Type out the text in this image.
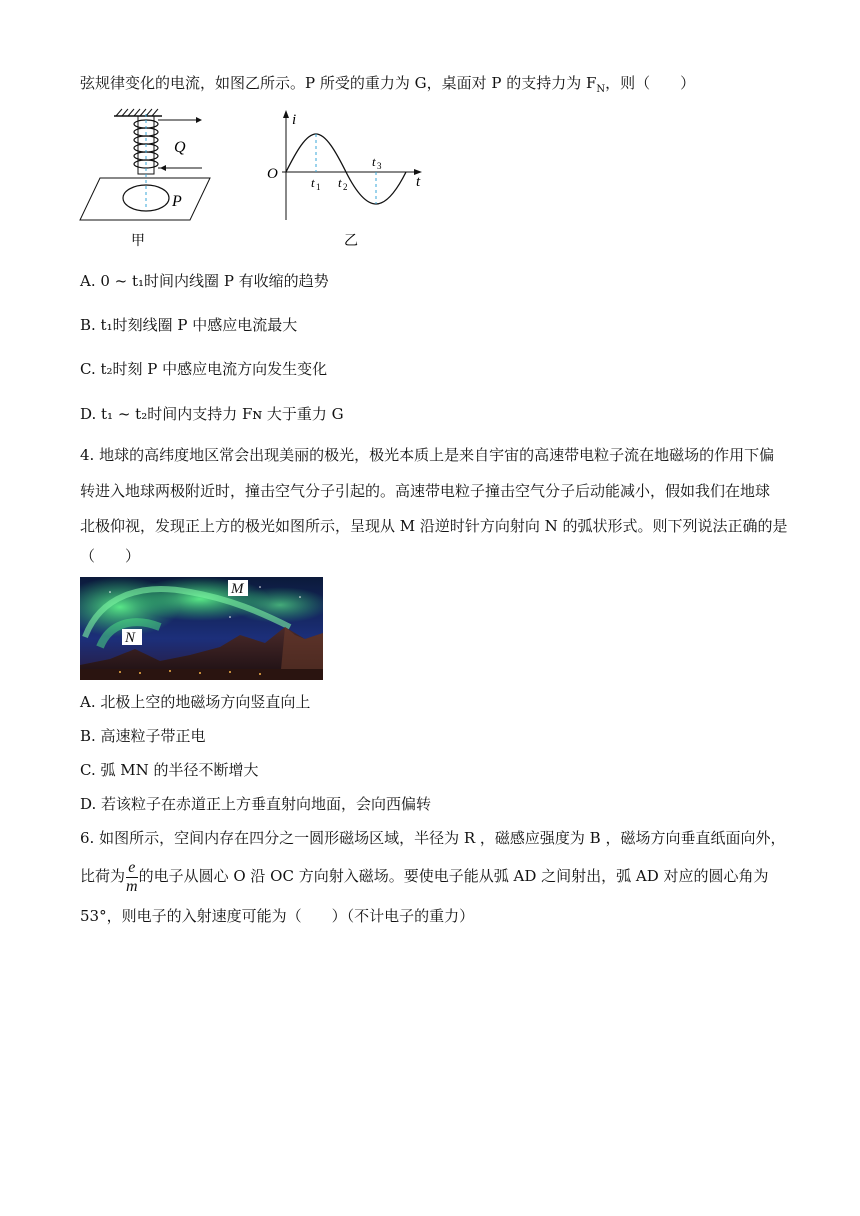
弦规律变化的电流，如图乙所示。P 所受的重力为 G，桌面对 P 的支持力为 $F_N$，则（　　）
Q
P
甲
i
O	t
t 1 t 2
t 3
乙
A. 0 ~ t₁时间内线圈 P 有收缩的趋势
B. t₁时刻线圈 P 中感应电流最大
C. t₂时刻 P 中感应电流方向发生变化
D. t₁ ~ t₂时间内支持力 Fɴ 大于重力 G
4. 地球的高纬度地区常会出现美丽的极光，极光本质上是来自宇宙的高速带电粒子流在地磁场的作用下偏
转进入地球两极附近时，撞击空气分子引起的。高速带电粒子撞击空气分子后动能减小，假如我们在地球
北极仰视，发现正上方的极光如图所示，呈现从 M 沿逆时针方向射向 N 的弧状形式。则下列说法正确的是
（　　）
M
N
A. 北极上空的地磁场方向竖直向上
B. 高速粒子带正电
C. 弧 MN 的半径不断增大
D. 若该粒子在赤道正上方垂直射向地面，会向西偏转
6. 如图所示，空间内存在四分之一圆形磁场区域，半径为 R ，磁感应强度为 B ，磁场方向垂直纸面向外，
比荷为 $\frac{e}{m}$ 的电子从圆心 O 沿 OC 方向射入磁场。要使电子能从弧 AD 之间射出，弧 AD 对应的圆心角为
53°，则电子的入射速度可能为（　　）（不计电子的重力）
